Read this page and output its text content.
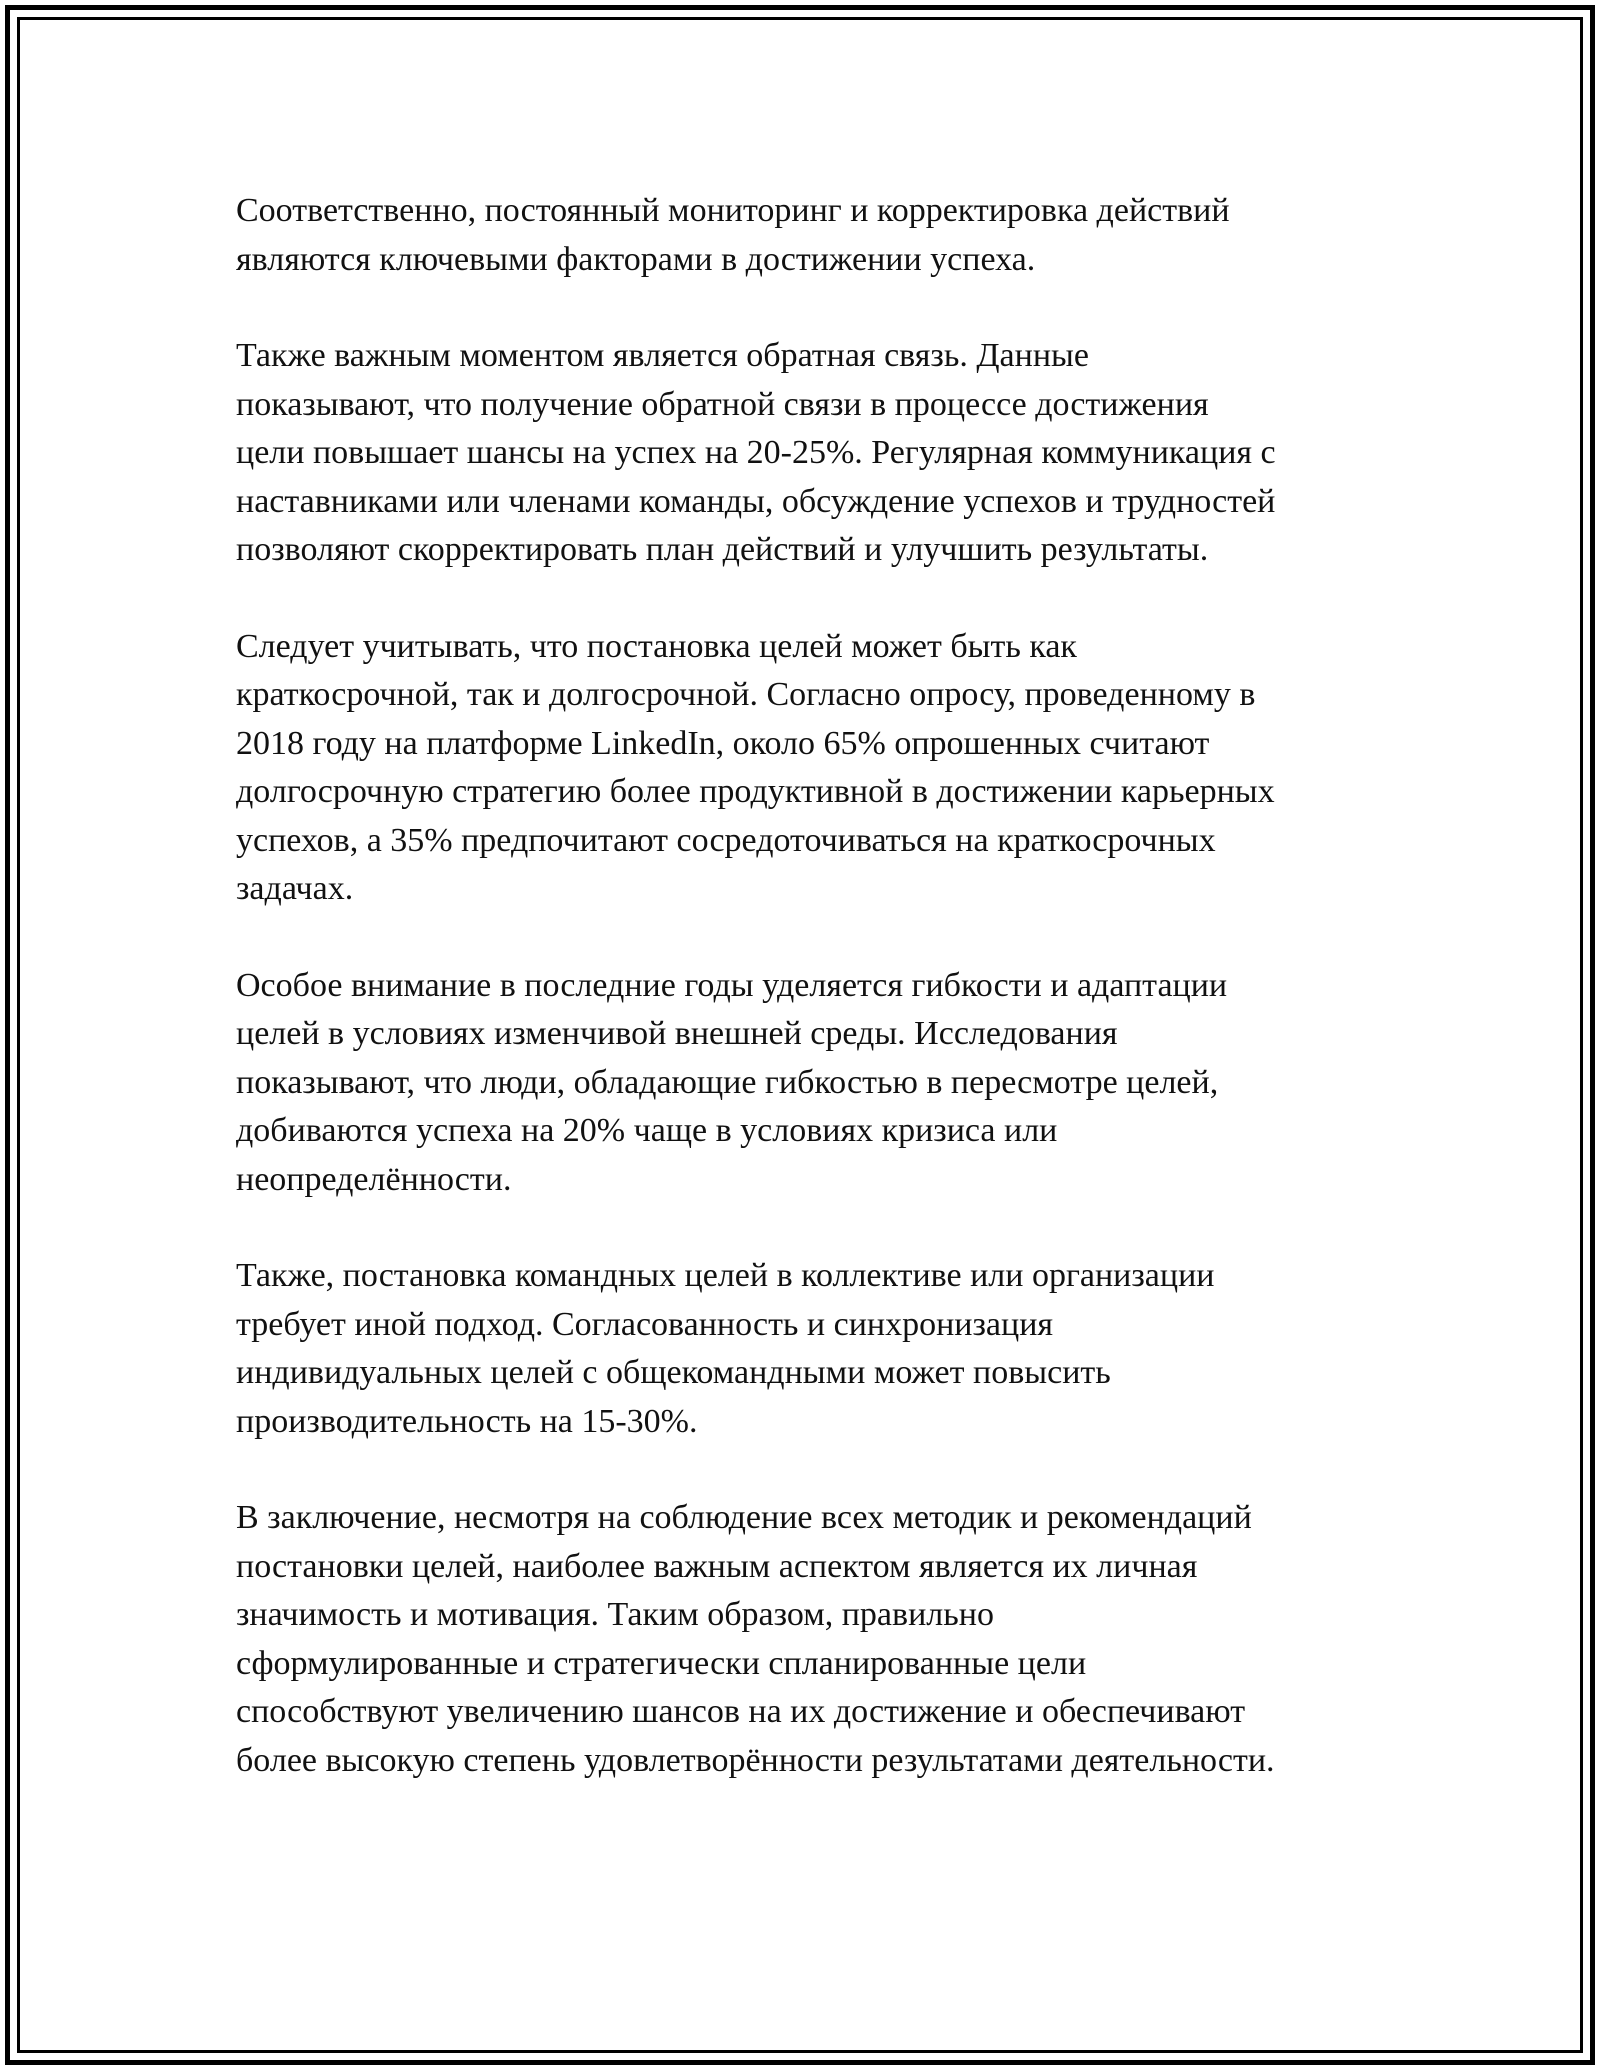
Соответственно, постоянный мониторинг и корректировка действий
являются ключевыми факторами в достижении успеха.

Также важным моментом является обратная связь. Данные
показывают, что получение обратной связи в процессе достижения
цели повышает шансы на успех на 20-25%. Регулярная коммуникация с
наставниками или членами команды, обсуждение успехов и трудностей
позволяют скорректировать план действий и улучшить результаты.

Следует учитывать, что постановка целей может быть как
краткосрочной, так и долгосрочной. Согласно опросу, проведенному в
2018 году на платформе LinkedIn, около 65% опрошенных считают
долгосрочную стратегию более продуктивной в достижении карьерных
успехов, а 35% предпочитают сосредоточиваться на краткосрочных
задачах.

Особое внимание в последние годы уделяется гибкости и адаптации
целей в условиях изменчивой внешней среды. Исследования
показывают, что люди, обладающие гибкостью в пересмотре целей,
добиваются успеха на 20% чаще в условиях кризиса или
неопределённости.

Также, постановка командных целей в коллективе или организации
требует иной подход. Согласованность и синхронизация
индивидуальных целей с общекомандными может повысить
производительность на 15-30%.

В заключение, несмотря на соблюдение всех методик и рекомендаций
постановки целей, наиболее важным аспектом является их личная
значимость и мотивация. Таким образом, правильно
сформулированные и стратегически спланированные цели
способствуют увеличению шансов на их достижение и обеспечивают
более высокую степень удовлетворённости результатами деятельности.
